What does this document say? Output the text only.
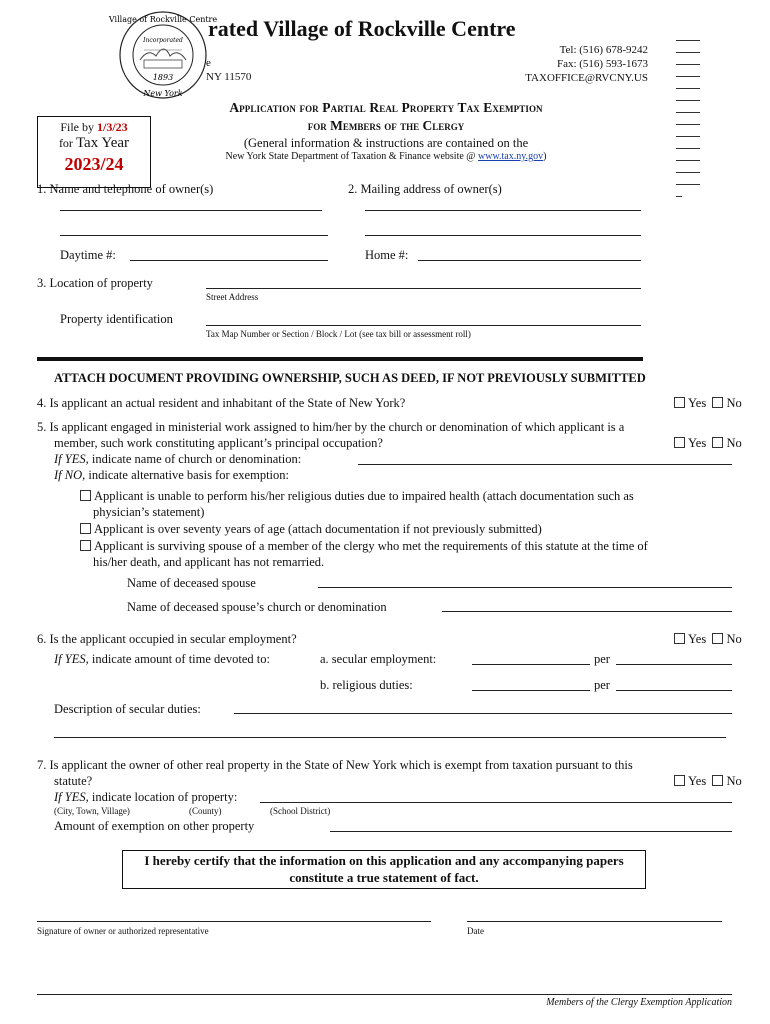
Village of Rockville Centre
Incorporated
1893
New York
rated Village of Rockville Centre
e
NY 11570
Tel: (516) 678-9242
Fax: (516) 593-1673
TAXOFFICE@RVCNY.US
File by 1/3/23
for Tax Year
2023/24
Application for Partial Real Property Tax Exemption
for Members of the Clergy
(General information & instructions are contained on the
New York State Department of Taxation & Finance website @ www.tax.ny.gov)
1. Name and telephone of owner(s)	2. Mailing address of owner(s)
Daytime #:	Home #:
3. Location of property
Street Address
Property identification
Tax Map Number or Section / Block / Lot (see tax bill or assessment roll)
ATTACH DOCUMENT PROVIDING OWNERSHIP, SUCH AS DEED, IF NOT PREVIOUSLY SUBMITTED
4. Is applicant an actual resident and inhabitant of the State of New York?	Yes No
5. Is applicant engaged in ministerial work assigned to him/her by the church or denomination of which applicant is a
member, such work constituting applicant’s principal occupation?	Yes No
If YES, indicate name of church or denomination:
If NO, indicate alternative basis for exemption:
Applicant is unable to perform his/her religious duties due to impaired health (attach documentation such as
physician’s statement)
Applicant is over seventy years of age (attach documentation if not previously submitted)
Applicant is surviving spouse of a member of the clergy who met the requirements of this statute at the time of
his/her death, and applicant has not remarried.
Name of deceased spouse
Name of deceased spouse’s church or denomination
6. Is the applicant occupied in secular employment?	Yes No
If YES, indicate amount of time devoted to:	a. secular employment:	per
b. religious duties:	per
Description of secular duties:
7. Is applicant the owner of other real property in the State of New York which is exempt from taxation pursuant to this
statute?	Yes No
If YES, indicate location of property:
(City, Town, Village)	(County)	(School District)
Amount of exemption on other property
I hereby certify that the information on this application and any accompanying papers
constitute a true statement of fact.
Signature of owner or authorized representative	Date
Members of the Clergy Exemption Application
